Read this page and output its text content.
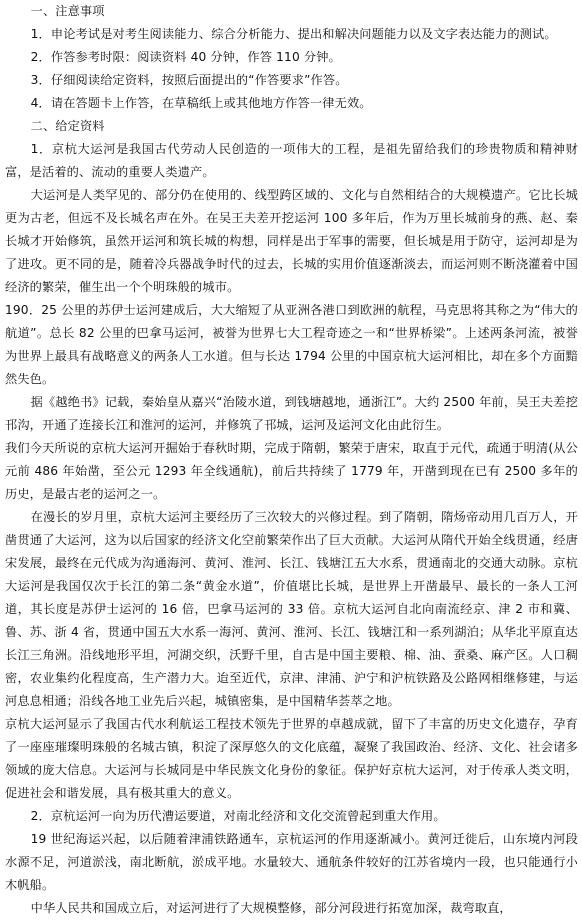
一、注意事项
1．申论考试是对考生阅读能力、综合分析能力、提出和解决问题能力以及文字表达能力的测试。
2．作答参考时限：阅读资料 40 分钟，作答 110 分钟。
3．仔细阅读给定资料，按照后面提出的“作答要求”作答。
4．请在答题卡上作答，在草稿纸上或其他地方作答一律无效。
二、给定资料
1．京杭大运河是我国古代劳动人民创造的一项伟大的工程，是祖先留给我们的珍贵物质和精神财富，是活着的、流动的重要人类遗产。
大运河是人类罕见的、部分仍在使用的、线型跨区域的、文化与自然相结合的大规模遗产。它比长城更为古老，但远不及长城名声在外。在吴王夫差开挖运河 100 多年后，作为万里长城前身的燕、赵、秦长城才开始修筑，虽然开运河和筑长城的构想，同样是出于军事的需要，但长城是用于防守，运河却是为了进攻。更不同的是，随着冷兵器战争时代的过去，长城的实用价值逐渐淡去，而运河则不断浇灌着中国经济的繁荣，催生出一个个明珠般的城市。
190．25 公里的苏伊士运河建成后，大大缩短了从亚洲各港口到欧洲的航程，马克思将其称之为“伟大的航道”。总长 82 公里的巴拿马运河，被誉为世界七大工程奇迹之一和“世界桥梁”。上述两条河流，被誉为世界上最具有战略意义的两条人工水道。但与长达 1794 公里的中国京杭大运河相比，却在多个方面黯然失色。
据《越绝书》记载，秦始皇从嘉兴“治陵水道，到钱塘越地，通浙江”。大约 2500 年前，吴王夫差挖邗沟，开通了连接长江和淮河的运河，并修筑了邗城，运河及运河文化由此衍生。
我们今天所说的京杭大运河开掘始于春秋时期，完成于隋朝，繁荣于唐宋，取直于元代，疏通于明清(从公元前 486 年始凿，至公元 1293 年全线通航)，前后共持续了 1779 年，开凿到现在已有 2500 多年的历史，是最古老的运河之一。
在漫长的岁月里，京杭大运河主要经历了三次较大的兴修过程。到了隋朝，隋炀帝动用几百万人，开凿贯通了大运河，这为以后国家的经济文化空前繁荣作出了巨大贡献。大运河从隋代开始全线贯通，经唐宋发展，最终在元代成为沟通海河、黄河、淮河、长江、钱塘江五大水系，贯通南北的交通大动脉。京杭大运河是我国仅次于长江的第二条“黄金水道”，价值堪比长城，是世界上开凿最早、最长的一条人工河道，其长度是苏伊士运河的 16 倍，巴拿马运河的 33 倍。京杭大运河自北向南流经京、津 2 市和冀、鲁、苏、浙 4 省，贯通中国五大水系一海河、黄河、淮河、长江、钱塘江和一系列湖泊；从华北平原直达长江三角洲。沿线地形平坦，河湖交织，沃野千里，自古是中国主要粮、棉、油、蚕桑、麻产区。人口稠密，农业集约化程度高，生产潜力大。迨至近代，京津、津浦、沪宁和沪杭铁路及公路网相继修建，与运河息息相通；沿线各地工业先后兴起，城镇密集，是中国精华荟萃之地。
京杭大运河显示了我国古代水利航运工程技术领先于世界的卓越成就，留下了丰富的历史文化遗存，孕育了一座座璀璨明珠般的名城古镇，积淀了深厚悠久的文化底蕴，凝聚了我国政治、经济、文化、社会诸多领域的庞大信息。大运河与长城同是中华民族文化身份的象征。保护好京杭大运河，对于传承人类文明，促进社会和谐发展，具有极其重大的意义。
2．京杭运河一向为历代漕运要道，对南北经济和文化交流曾起到重大作用。
19 世纪海运兴起，以后随着津浦铁路通车，京杭运河的作用逐渐减小。黄河迁徙后，山东境内河段水源不足，河道淤浅，南北断航，淤成平地。水量较大、通航条件较好的江苏省境内一段，也只能通行小木帆船。
中华人民共和国成立后，对运河进行了大规模整修，部分河段进行拓宽加深，裁弯取直，
